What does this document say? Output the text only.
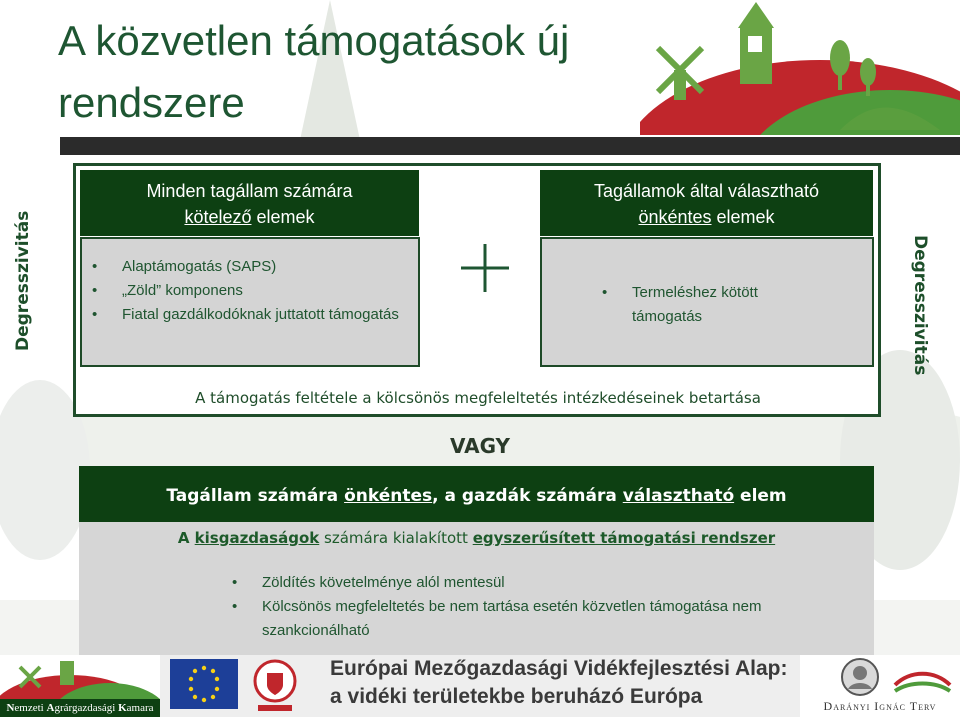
A közvetlen támogatások új rendszere
Minden tagállam számára
kötelező elemek
• Alaptámogatás (SAPS)
• „Zöld” komponens
• Fiatal gazdálkodóknak juttatott támogatás
Tagállamok által választható
önkéntes elemek
• Termeléshez kötött támogatás
Degresszivitás	Degresszivitás
A támogatás feltétele a kölcsönös megfeleltetés intézkedéseinek betartása
VAGY
Tagállam számára önkéntes, a gazdák számára választható elem
A kisgazdaságok számára kialakított egyszerűsített támogatási rendszer
• Zöldítés követelménye alól mentesül
• Kölcsönös megfeleltetés be nem tartása esetén közvetlen támogatása nem szankcionálható
Nemzeti Agrárgazdasági Kamara
Európai Mezőgazdasági Vidékfejlesztési Alap:
a vidéki területekbe beruházó Európa	Darányi Ignác Terv
